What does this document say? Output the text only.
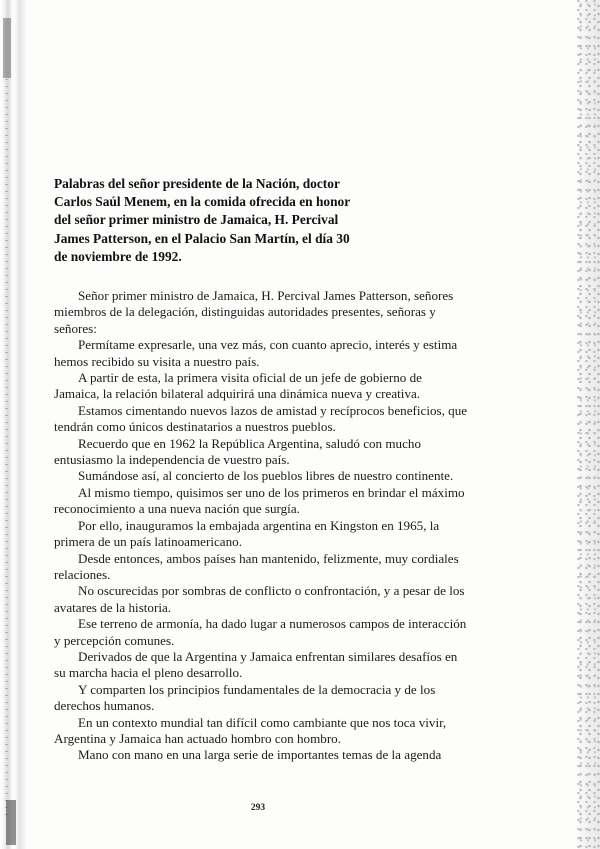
Palabras del señor presidente de la Nación, doctor Carlos Saúl Menem, en la comida ofrecida en honor del señor primer ministro de Jamaica, H. Percival James Patterson, en el Palacio San Martín, el día 30 de noviembre de 1992.

Señor primer ministro de Jamaica, H. Percival James Patterson, señores miembros de la delegación, distinguidas autoridades presentes, señoras y señores:

Permítame expresarle, una vez más, con cuanto aprecio, interés y estima hemos recibido su visita a nuestro país.

A partir de esta, la primera visita oficial de un jefe de gobierno de Jamaica, la relación bilateral adquirirá una dinámica nueva y creativa.

Estamos cimentando nuevos lazos de amistad y recíprocos beneficios, que tendrán como únicos destinatarios a nuestros pueblos.

Recuerdo que en 1962 la República Argentina, saludó con mucho entusiasmo la independencia de vuestro país.

Sumándose así, al concierto de los pueblos libres de nuestro continente.

Al mismo tiempo, quisimos ser uno de los primeros en brindar el máximo reconocimiento a una nueva nación que surgía.

Por ello, inauguramos la embajada argentina en Kingston en 1965, la primera de un país latinoamericano.

Desde entonces, ambos países han mantenido, felizmente, muy cordiales relaciones.

No oscurecidas por sombras de conflicto o confrontación, y a pesar de los avatares de la historia.

Ese terreno de armonía, ha dado lugar a numerosos campos de interacción y percepción comunes.

Derivados de que la Argentina y Jamaica enfrentan similares desafíos en su marcha hacia el pleno desarrollo.

Y comparten los principios fundamentales de la democracia y de los derechos humanos.

En un contexto mundial tan difícil como cambiante que nos toca vivir, Argentina y Jamaica han actuado hombro con hombro.

Mano con mano en una larga serie de importantes temas de la agenda

293
